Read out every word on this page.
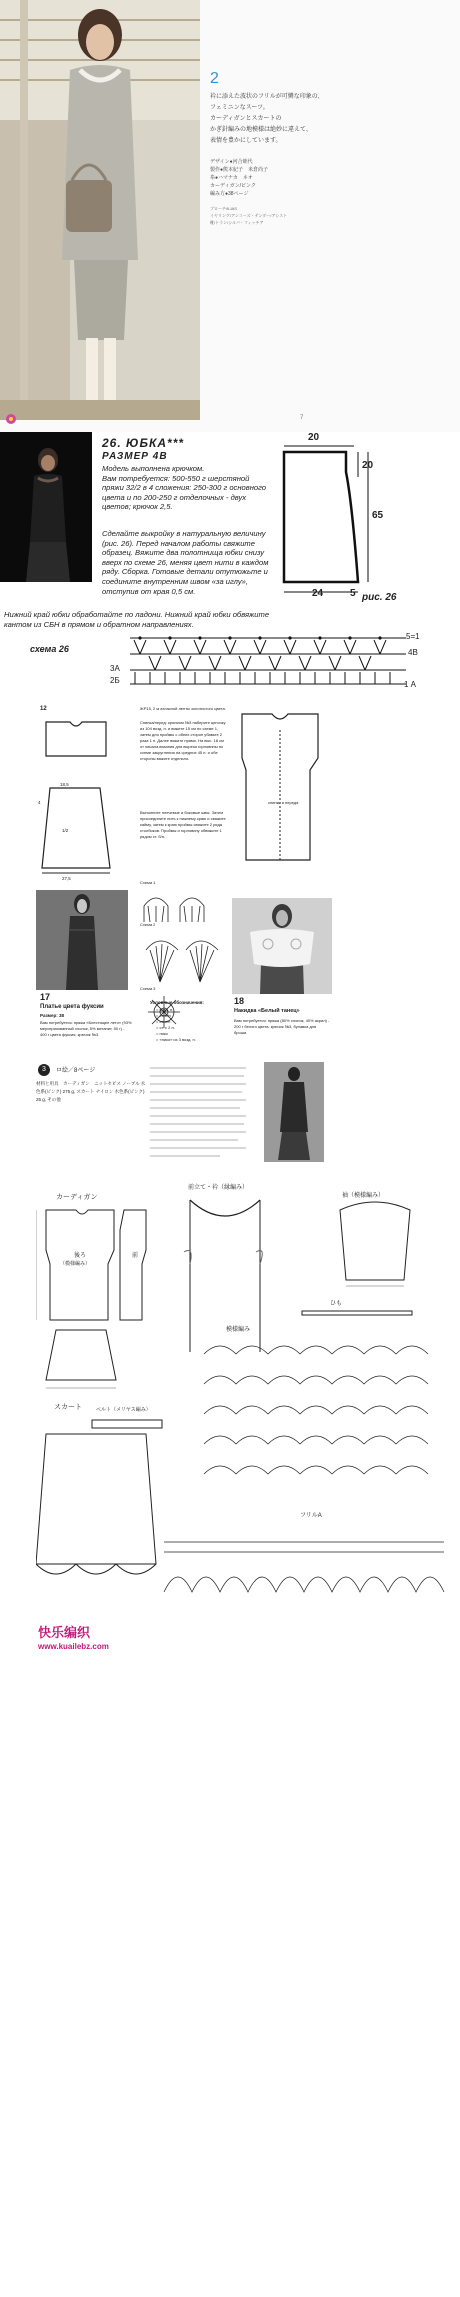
2
衿に添えた波状のフリルが可憐な印象の、
フェミニンなスーツ。
カーディガンとスカートの
かぎ針編みの地模様は絶妙に違えて、
表情を豊かにしています。
デザイン●河合睦代
製作●熊本紀子　米倉尚子
糸●ハマナカ　ネオ
カーディガン/ピンク
編み方●38ページ
ブローチ/ILIAS
イヤリング/アンコーズ・テンダー/アシスト
靴/トラン/シルバ・フィッチア
7
26. ЮБКА***
РАЗМЕР 4В
Модель выполнена крючком.
Вам потребуется: 500-550 г шерстяной пряжи 32/2 в 4 сложения: 250-300 г основного цвета и по 200-250 г отделочных - двух цветов; крючок 2,5.
Сделайте выкройку в натуральную величину (рис. 26). Перед началом работы свяжите образец. Вяжите два полотнища юбки снизу вверх по схеме 26, меняя цвет нити в каждом ряду. Сборка. Готовые детали отутюжьте и соедините внутренним швом «за иглу», отступив от края 0,5 см.
Нижний край юбки обработайте по ладони. Нижний край юбки обвяжите кантом из СБН в прямом и обратном направлениях.
20
20
65
24	5 рис. 26
схема 26
5=1
4В
3А
2Б	1 А
12
18,5
4
27,5
1/2
ЖР15, 2 м атласной ленты золотистого цвета.
Спинка/перед: крючком №3 наберите цепочку из 104 возд. п. и вяжите 15 см по схеме 1, затем для проймы с обеих сторон убавьте 2 раза 1 п. Далее вяжите прямо. На выс. 18 см от начала вязания для выреза горловины по схеме закругления на средних 45 п. и обе стороны вяжите отдельно.
Выполните плечевые и боковые швы. Затем присоедините нить к нижнему краю и свяжите кайму, затем к краю проймы свяжите 2 ряда столбиков. Проймы и горловину обвяжите 1 рядом ст. б/н.
Схема 1
Схема 2
Схема 3
спинки и переда
17
Платье цвета фуксии
Размер: 38
Вам потребуется: пряжа «Блестящее лето» (93% мерсеризованный хлопок, 5% метанит, 50 г) - 400 г цвета фуксия, крючок №3.
Условные обозначения:
= возд. п.
= ст. б/н
= ст. с/н
= ст. с 2 н.
= пико
= «пико» из 3 возд. п.
18
Накидка «Белый танец»
Вам потребуется: пряжа (80% хлопок, 40% акрил) - 200 г белого цвета, крючок №3, булавка для броши.
3	ロ絵／8ページ
材料と用具　カーディガン　ニットセビス ノーブル 水色系(ピンク) 275 g, スカート ナイロン 水色系(ピンク) 25 g, その他
カーディガン
後ろ
（模様編み）
前
前立て・衿（縁編み）
袖（模様編み）
ひも
模様編み
スカート	ベルト（メリヤス編み）
フリルA
快乐编织
www.kuailebz.com
